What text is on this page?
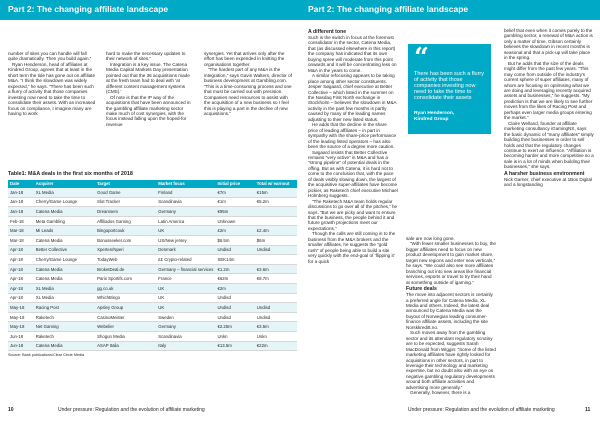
Part 2: The changing affiliate landscape

number of sites you can handle will fall quite dramatically. Then you build again.”

Ryan Henderson, head of affiliates at Kindred Group, agrees that at least in the short term the tide has gone out on affiliate M&A. “I think the slowdown was widely expected,” he says. “There has been such a flurry of activity that those companies investing now need to take the time to consolidate their assets. With an increased focus on compliance, I imagine many are having to work

hard to make the necessary updates to their network of sites.”

Integration is a key issue. The Catena Media Capital Markets Day presentation pointed out that the 36 acquisitions made at the fresh team had to deal with 'at different content management systems (CMS).'

Of note is that the IP way of the acquisitions that have been announced in the gambling affiliate marketing sector make much of cost synergies, with the focus instead falling upon the hoped-for revenue

synergies. Yet that arrives only after the effort has been expended in knitting the organisations together.

“The hardest part of any M&A is the integration,” says Gavin Walters, director of business development at Gambling.com. “This is a time-consuming process and one that must be carried out with precision. Companies need resources to assist with the acquisition of a new business so I feel this is playing a part in the decline of new acquisitions.”

Table1: M&A deals in the first six months of 2018
Date	Acquirer	Target	Market focus	Initial price	Total w/ earnout
Jan-18	XL Media	Good Game	Finland	€7m	€15m
Jan-18	Cherry/Game Lounge	Slot Tracker	Scandinavia	€1m	€5.2m
Jan-18	Catena Media	Dreamserv	Germany	€95m	
Feb-18	Meta Gambling	Affiliados Gaming	Latin America	Unknown	
Mar-18	Mi Leads	Bingoportcouk	UK	£2m	£2.4m
Mar-18	Catena Media	Bonusseeker.com	US/New jersey	$6.5m	$6m
Apr-18	Better Collective	Xperten/Nperi	Denmark	Undisd	Undisd
Apr-18	Cherry/Game Lounge	TodayWeb	££ Crypto-related	SEK14m	
Apr-18	Catena Media	BroketDeal.de	Germany – financial services	€1.2m	€3.6m
Apr-18	Catena Media	Paris Sportifs.com	France	€62m	€8.7m
Apr-18	XL Media	gg.co.uk	UK	€2m	
Apr-18	XL Media	WhichBingo	UK	Undisd	
May-18	Racing Post	Apsley Group	UK	Undisd	Undisd
May-18	Raketech	CasinoMeister	Sweden	Undisd	Undisd
May-18	Net Gaming	Webelier	Germany	€2.25m	€3.5m
Jun-18	Raketech	Shogun Media	Scandinavia	Unkn	Unkn
Jun-18	Catena Media	ASAP Italia	Italy	€13.5m	€22m
Source: Bank publications/Clear Circle Media
10	Under pressure: Regulation and the evolution of affiliate marketing
Part 2: The changing affiliate landscape
A different tone

Such is the switch in focus at the foremost consolidator in the sector, Catena Media, that (as discussed elsewhere in this report) the company has indicated that its own buying spree will moderate from this point onwards and it will be concentrating less on M&A in the years to come.

A similar refocusing appears to be taking place among other sector constituents. Jesper Søgaard, chief executive at Better Collective – which listed in the summer on the Nasdaq First North exchange in Stockholm – believes the slowdown in M&A activity in the past few months is partly caused by many of the leading names adjusting to their new listed status.

He adds that the decline in the share price of leading affiliates – in part in sympathy with the share-price performance of the leading listed operators – has also been the source of a degree more caution.

Søgaard insists that Better Collective remains “very active” in M&A and has a “strong pipeline” of potential deals in the offing. But as with Catena, it is hard not to come to the conclusion that, with the pace of deals visibly slowing down, the largest of the acquisitive super-affiliates have become pickier, as Raketech chief executive Michael Holmberg suggests.

“The Raketech M&A team holds regular discussions to go over all of the pitches,” he says. “But we are picky and want to ensure that the business, the people behind it and future growth projections meet our expectations.”

Though the calls are still coming in to the business from the M&A brokers and the smaller affiliates, he suggests the “gold rush” of people being able to build a site very quickly with the end-goal of ‘flipping it’ for a quick

sale are now long gone.

“With fewer smaller businesses to buy, the bigger affiliates need to focus on new product development to gain market share, target new regions and enter new verticals,” he says. “We could also see more affiliates branching out into new areas like financial services, esports or travel to try their hand at something outside of igaming.”

Future deals

The move into adjacent sectors is certainly a preferred angle for Catena Media, XL Media and others. Indeed, the latest deal announced by Catena Media was the buyout of Norwegian leading consumer-finance affiliate assets, including the site Norskkreditt.no.

Such moves away from the gambling sector and its attendant regulatory scrutiny are to be expected, suggests Sarah MacDonald from Wiggin: “Some of the listed marketing affiliates have rightly looked for acquisitions in other sectors, in part to leverage their technology and marketing expertise, but no doubt also with an eye on negative gambling regulatory developments around both affiliate activities and advertising more generally.”

Generally, however, there is a

belief that even when it comes purely to the gambling sector, a renewal of M&A action is only a matter of time. Gibson certainly believes the slowdown in recent months is seasonal and that a pick-up will take place in the spring.

But he adds that the size of the deals might differ from the past few years. “This may come from outside of the industry’s current sphere of super affiliates, many of whom are focusing on optimising what we are doing and leveraging recently acquired assets and businesses,” he suggests. “My prediction is that we are likely to see further moves from the likes of Racing Post and perhaps even larger media groups entering the market.”

Claire Welland, founder at affiliate marketing consultancy iGamingNX, says the basic dynamic of “many affiliates” simply building their businesses in order to sell holds and that the regulatory changes continue to exert an influence. “Affiliation is becoming harder and more competitive so a sale is in a lot of minds when building their businesses,” she says.

A harsher business environment

Nick Garner, chief executive at 1Box Digital and a longstanding

“
There has been such a flurry of activity that those companies investing now need to take the time to consolidate their assets
Ryan Henderson,
Kindred Group
Under pressure: Regulation and the evolution of affiliate marketing	11
